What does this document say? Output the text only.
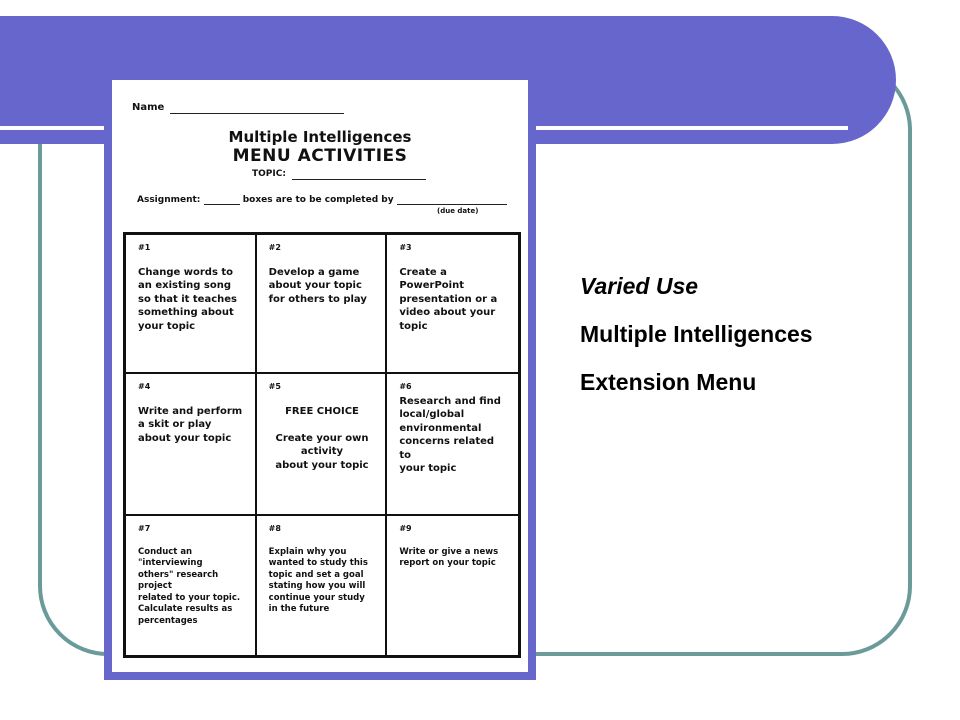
Name
Multiple Intelligences
MENU ACTIVITIES
TOPIC:
Assignment:	boxes are to be completed by
(due date)
#1
Change words to
an existing song
so that it teaches
something about
your topic
#2
Develop a game
about your topic
for others to play
#3
Create a
PowerPoint
presentation or a
video about your
topic
#4
Write and perform
a skit or play
about your topic
#5
FREE CHOICE

Create your own
activity
about your topic
#6
Research and find
local/global
environmental
concerns related to
your topic
#7
Conduct an
"interviewing
others" research project
related to your topic.
Calculate results as
percentages
#8
Explain why you
wanted to study this
topic and set a goal
stating how you will
continue your study
in the future
#9
Write or give a news
report on your topic
Varied Use
Multiple Intelligences
Extension Menu
